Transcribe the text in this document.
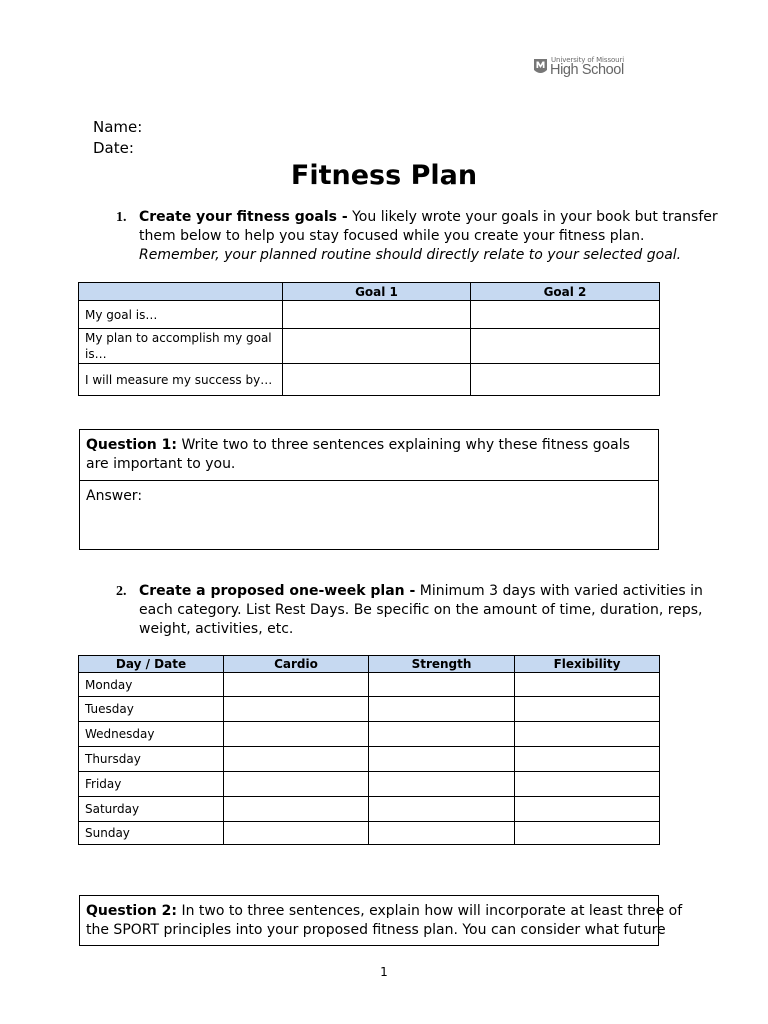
University of Missouri
High School
Name:
Date:
Fitness Plan
1. Create your fitness goals - You likely wrote your goals in your book but transfer
them below to help you stay focused while you create your fitness plan.
Remember, your planned routine should directly relate to your selected goal.
	Goal 1	Goal 2
My goal is…		
My plan to accomplish my goal is…		
I will measure my success by…		
Question 1: Write two to three sentences explaining why these fitness goals are important to you.
Answer:
2. Create a proposed one-week plan - Minimum 3 days with varied activities in
each category. List Rest Days. Be specific on the amount of time, duration, reps,
weight, activities, etc.
Day / Date	Cardio	Strength	Flexibility
Monday			
Tuesday			
Wednesday			
Thursday			
Friday			
Saturday			
Sunday			
Question 2: In two to three sentences, explain how will incorporate at least three of
the SPORT principles into your proposed fitness plan. You can consider what future
1
